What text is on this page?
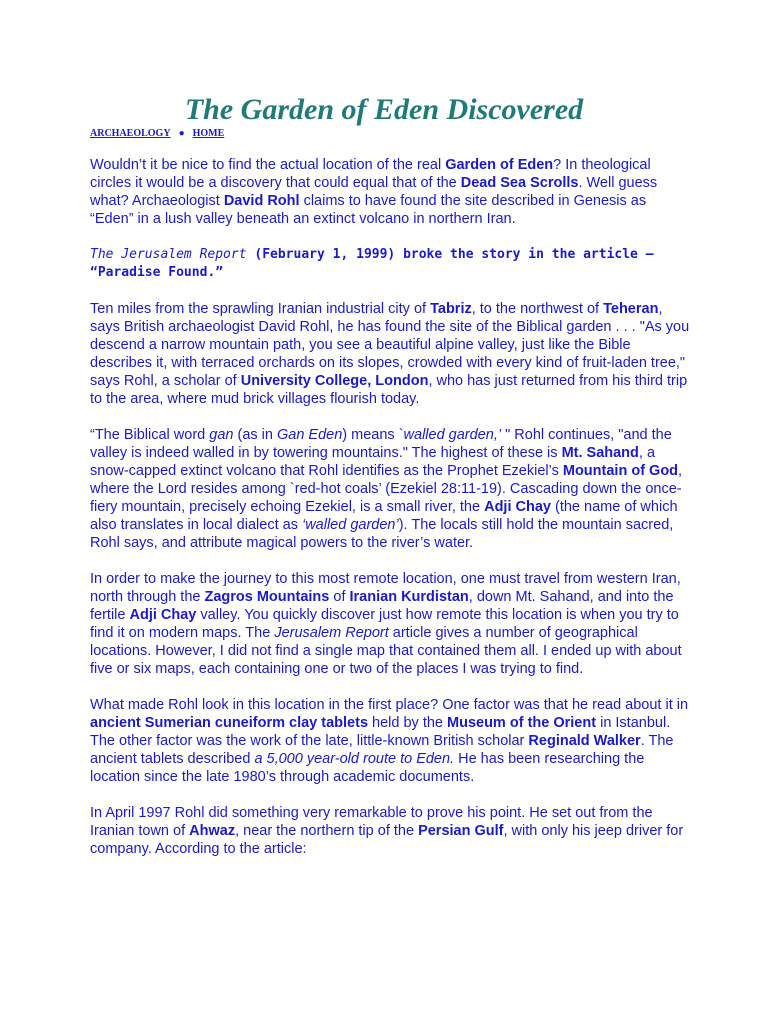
The Garden of Eden Discovered
ARCHAEOLOGY ● HOME

Wouldn’t it be nice to find the actual location of the real Garden of Eden? In theological circles it would be a discovery that could equal that of the Dead Sea Scrolls. Well guess what? Archaeologist David Rohl claims to have found the site described in Genesis as “Eden” in a lush valley beneath an extinct volcano in northern Iran.

The Jerusalem Report (February 1, 1999) broke the story in the article – “Paradise Found.”

Ten miles from the sprawling Iranian industrial city of Tabriz, to the northwest of Teheran, says British archaeologist David Rohl, he has found the site of the Biblical garden . . . "As you descend a narrow mountain path, you see a beautiful alpine valley, just like the Bible describes it, with terraced orchards on its slopes, crowded with every kind of fruit-laden tree," says Rohl, a scholar of University College, London, who has just returned from his third trip to the area, where mud brick villages flourish today.

“The Biblical word gan (as in Gan Eden) means `walled garden,’ " Rohl continues, "and the valley is indeed walled in by towering mountains." The highest of these is Mt. Sahand, a snow-capped extinct volcano that Rohl identifies as the Prophet Ezekiel’s Mountain of God, where the Lord resides among `red-hot coals’ (Ezekiel 28:11-19). Cascading down the once-fiery mountain, precisely echoing Ezekiel, is a small river, the Adji Chay (the name of which also translates in local dialect as ‘walled garden’). The locals still hold the mountain sacred, Rohl says, and attribute magical powers to the river’s water.

In order to make the journey to this most remote location, one must travel from western Iran, north through the Zagros Mountains of Iranian Kurdistan, down Mt. Sahand, and into the fertile Adji Chay valley. You quickly discover just how remote this location is when you try to find it on modern maps. The Jerusalem Report article gives a number of geographical locations. However, I did not find a single map that contained them all. I ended up with about five or six maps, each containing one or two of the places I was trying to find.

What made Rohl look in this location in the first place? One factor was that he read about it in ancient Sumerian cuneiform clay tablets held by the Museum of the Orient in Istanbul. The other factor was the work of the late, little-known British scholar Reginald Walker. The ancient tablets described a 5,000 year-old route to Eden. He has been researching the location since the late 1980’s through academic documents.

In April 1997 Rohl did something very remarkable to prove his point. He set out from the Iranian town of Ahwaz, near the northern tip of the Persian Gulf, with only his jeep driver for company. According to the article:
